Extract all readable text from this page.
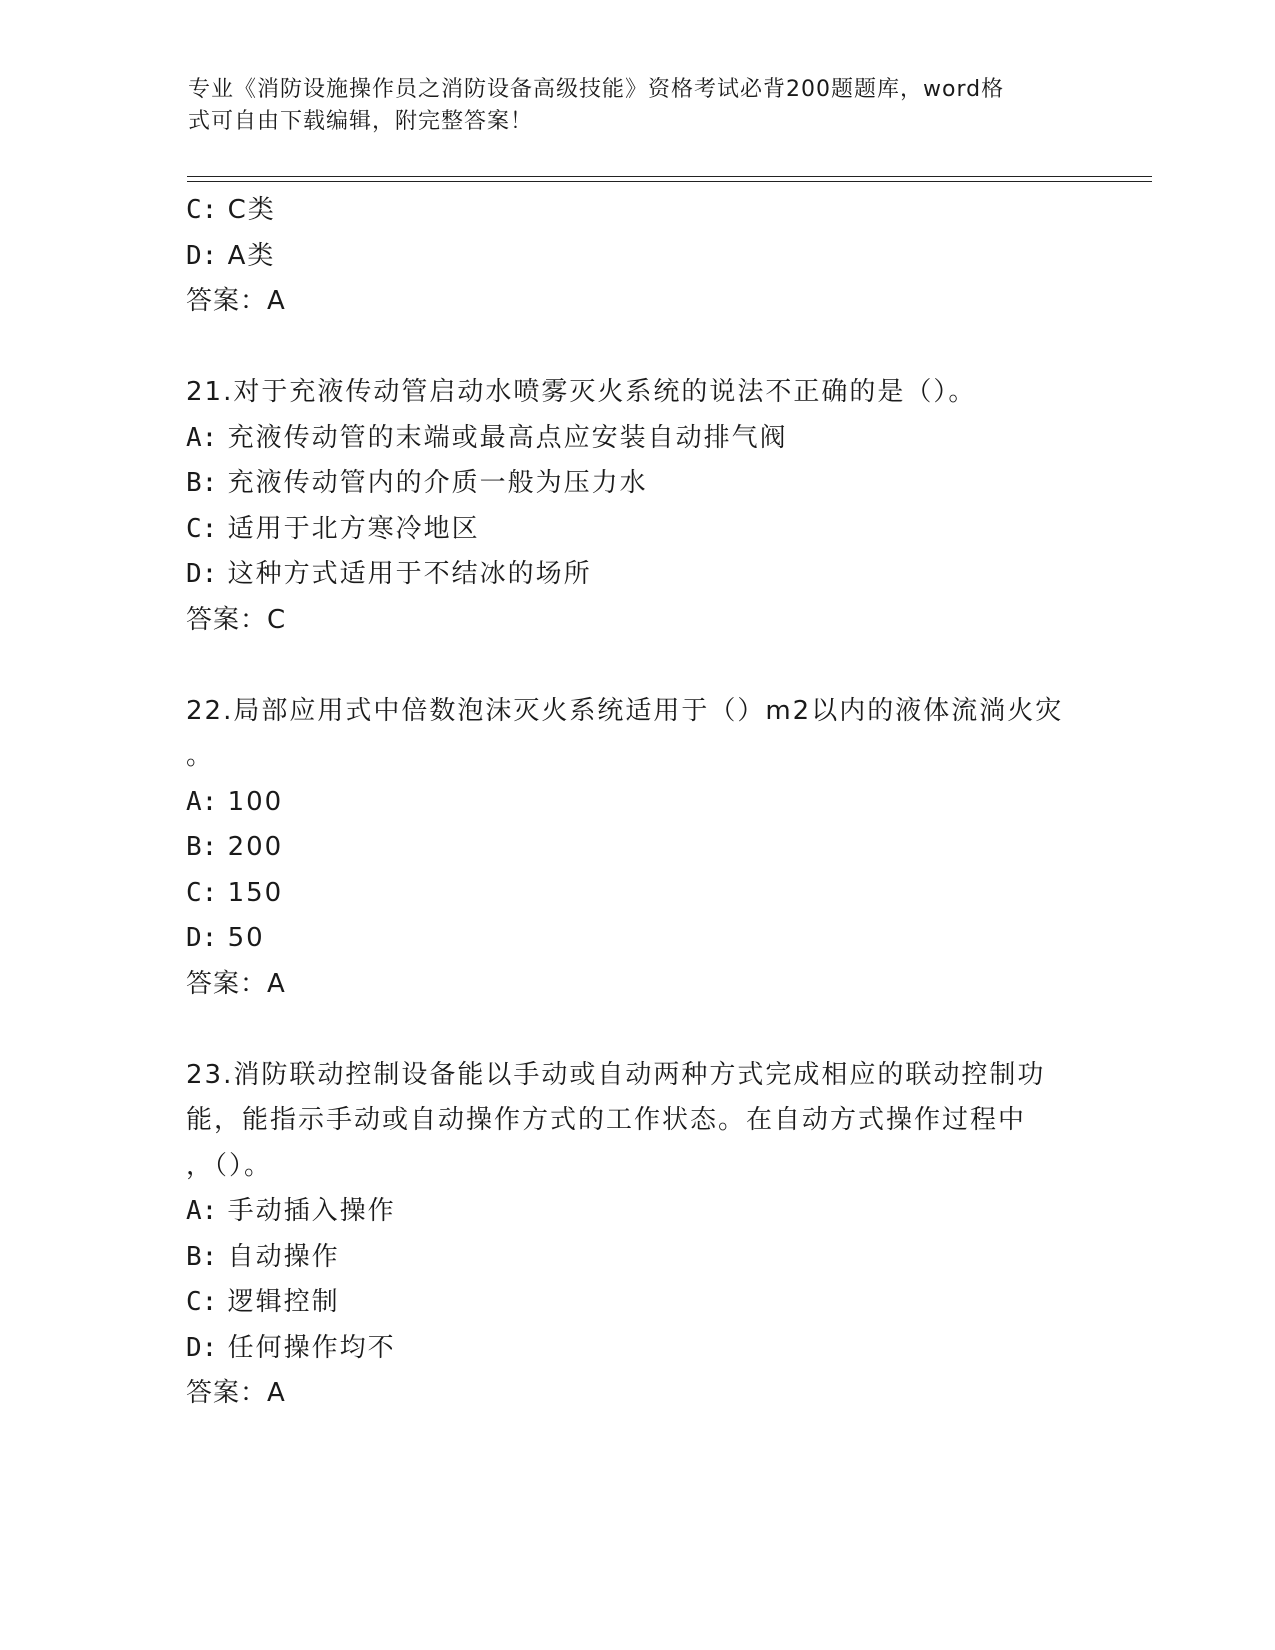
专业《消防设施操作员之消防设备高级技能》资格考试必背200题题库，word格
式可自由下载编辑，附完整答案！
C: C类
D: A类
答案：A
21.对于充液传动管启动水喷雾灭火系统的说法不正确的是（）。
A: 充液传动管的末端或最高点应安装自动排气阀
B: 充液传动管内的介质一般为压力水
C: 适用于北方寒冷地区
D: 这种方式适用于不结冰的场所
答案：C
22.局部应用式中倍数泡沫灭火系统适用于（）m2以内的液体流淌火灾
。
A: 100
B: 200
C: 150
D: 50
答案：A
23.消防联动控制设备能以手动或自动两种方式完成相应的联动控制功
能，能指示手动或自动操作方式的工作状态。在自动方式操作过程中
，（）。
A: 手动插入操作
B: 自动操作
C: 逻辑控制
D: 任何操作均不
答案：A
